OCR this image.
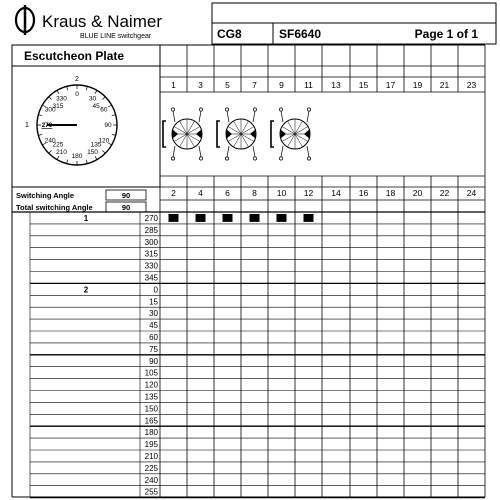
Kraus & Naimer
BLUE LINE switchgear	CG8	SF6640	Page 1 of 1
Escutcheon Plate
2
0
330	30
300
315	45
60
90
120
135
150
180
210
225
240
1 270
1	3	5	7	9 11 13 15 17 19 21 23
2	4	6	8 10 12 14 16 18 20 22 24
Switching Angle	90
Total switching Angle	90
1	270
285
300
315
330
345
2	0
15
30
45
60
75
90
105
120
135
150
165
180
195
210
225
240
255
